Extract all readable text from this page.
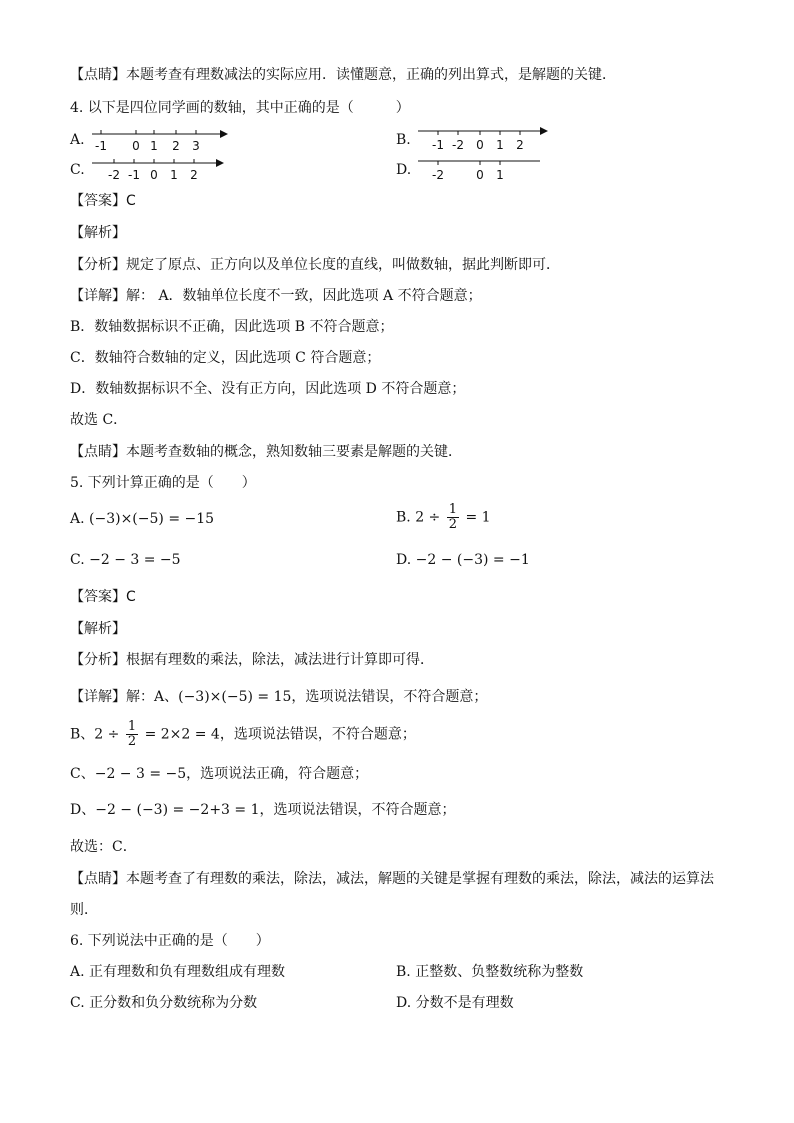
【点睛】本题考查有理数减法的实际应用．读懂题意，正确的列出算式，是解题的关键．
4. 以下是四位同学画的数轴，其中正确的是（　　　）
A. -1 0 1 2 3	B. -1 -2 0 1 2
C. -2 -1 0 1 2	D. -2	0 1
【答案】C
【解析】
【分析】规定了原点、正方向以及单位长度的直线，叫做数轴，据此判断即可．
【详解】解： A．数轴单位长度不一致，因此选项 A 不符合题意；
B．数轴数据标识不正确，因此选项 B 不符合题意；
C．数轴符合数轴的定义，因此选项 C 符合题意；
D．数轴数据标识不全、没有正方向，因此选项 D 不符合题意；
故选 C．
【点睛】本题考查数轴的概念，熟知数轴三要素是解题的关键．
5. 下列计算正确的是（　　）
A. (−3)×(−5) = −15	B. $2 \div \frac{1}{2} = 1$
C. −2 − 3 = −5	D. −2 − (−3) = −1
【答案】C
【解析】
【分析】根据有理数的乘法，除法，减法进行计算即可得．
【详解】解：A、(−3)×(−5) = 15，选项说法错误，不符合题意；
B、$2 \div \frac{1}{2} = 2\times 2 = 4$，选项说法错误，不符合题意；
C、−2 − 3 = −5，选项说法正确，符合题意；
D、−2 − (−3) = −2+3 = 1，选项说法错误，不符合题意；
故选：C．
【点睛】本题考查了有理数的乘法，除法，减法，解题的关键是掌握有理数的乘法，除法，减法的运算法
则．
6. 下列说法中正确的是（　　）
A. 正有理数和负有理数组成有理数	B. 正整数、负整数统称为整数
C. 正分数和负分数统称为分数	D. 分数不是有理数
